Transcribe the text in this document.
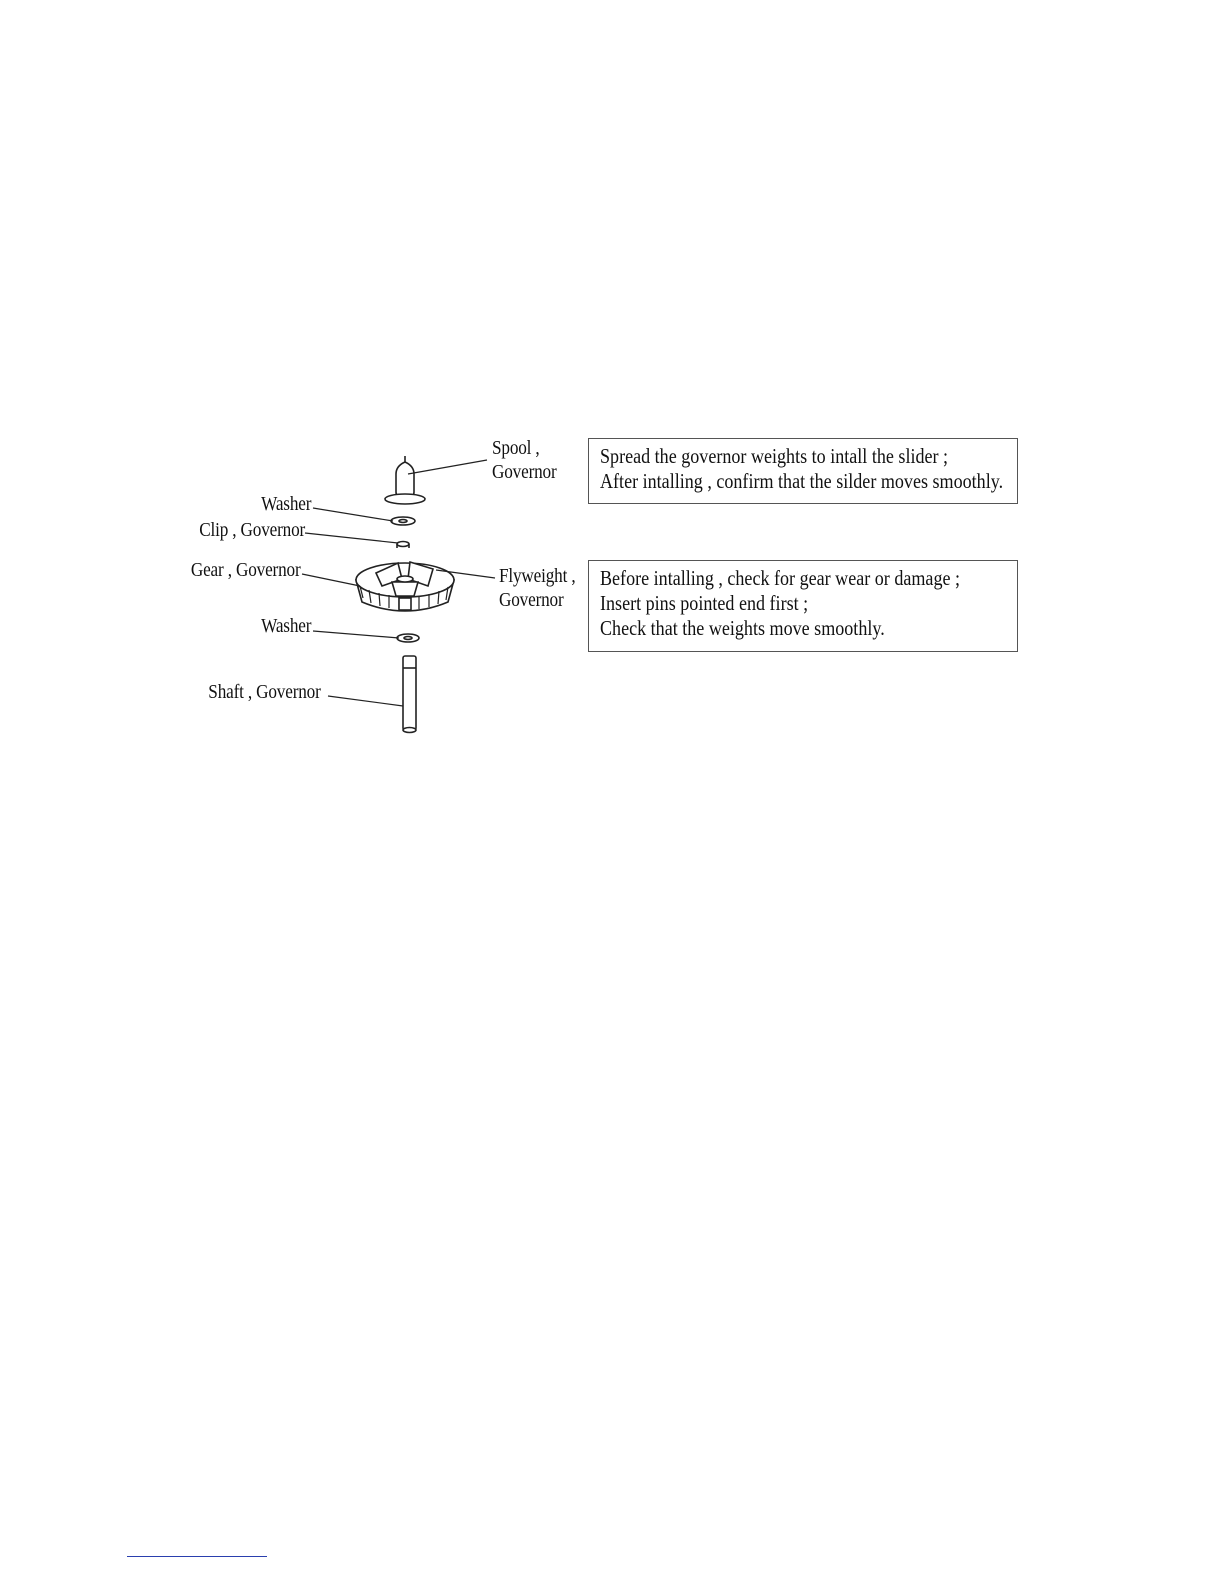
Spool ,
Governor
Washer
Clip , Governor
Gear , Governor	Flyweight ,
Governor
Washer
Shaft , Governor
Spread the governor weights to intall the slider ;
After intalling , confirm that the silder moves smoothly.
Before intalling , check for gear wear or damage ;
Insert pins pointed end first ;
Check that the weights move smoothly.
